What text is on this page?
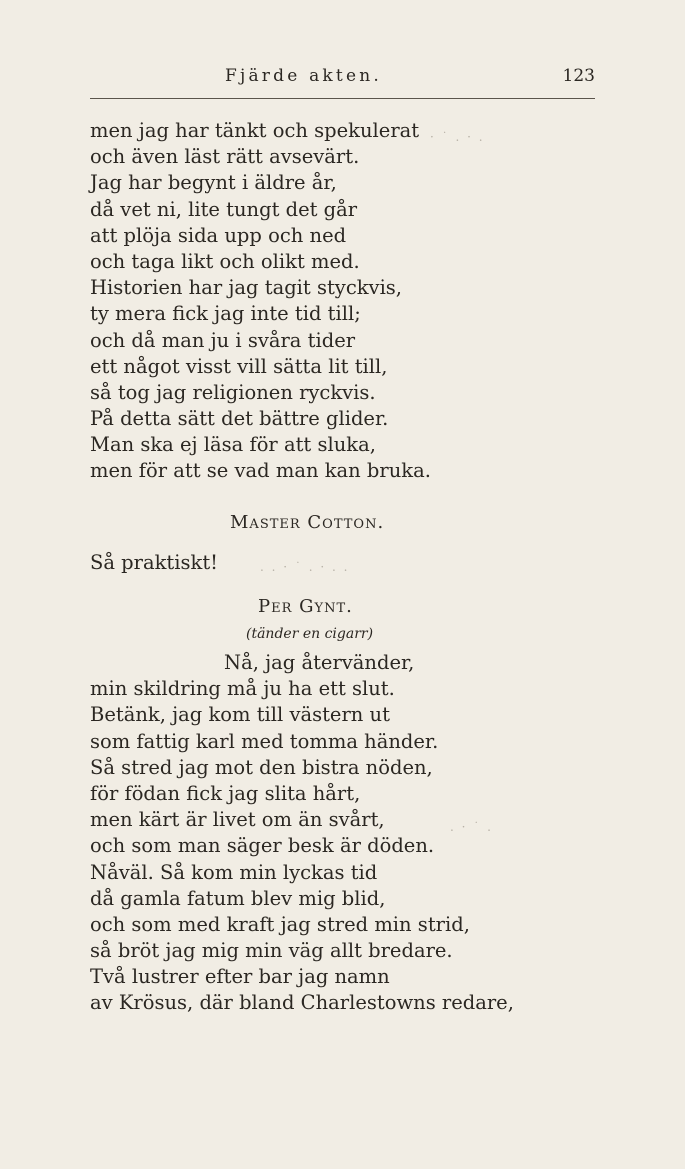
Fjärde akten.	123
men jag har tänkt och spekulerat
och även läst rätt avsevärt.
Jag har begynt i äldre år,
då vet ni, lite tungt det går
att plöja sida upp och ned
och taga likt och olikt med.
Historien har jag tagit styckvis,
ty mera fick jag inte tid till;
och då man ju i svåra tider
ett något visst vill sätta lit till,
så tog jag religionen ryckvis.
På detta sätt det bättre glider.
Man ska ej läsa för att sluka,
men för att se vad man kan bruka.
Master Cotton.
Så praktiskt!
Per Gynt.
(tänder en cigarr)
Nå, jag återvänder,
min skildring må ju ha ett slut.
Betänk, jag kom till västern ut
som fattig karl med tomma händer.
Så stred jag mot den bistra nöden,
för födan fick jag slita hårt,
men kärt är livet om än svårt,
och som man säger besk är döden.
Nåväl. Så kom min lyckas tid
då gamla fatum blev mig blid,
och som med kraft jag stred min strid,
så bröt jag mig min väg allt bredare.
Två lustrer efter bar jag namn
av Krösus, där bland Charlestowns redare,
· ˙ . · .
. . · ˙ . · . .
. · ˙ .
